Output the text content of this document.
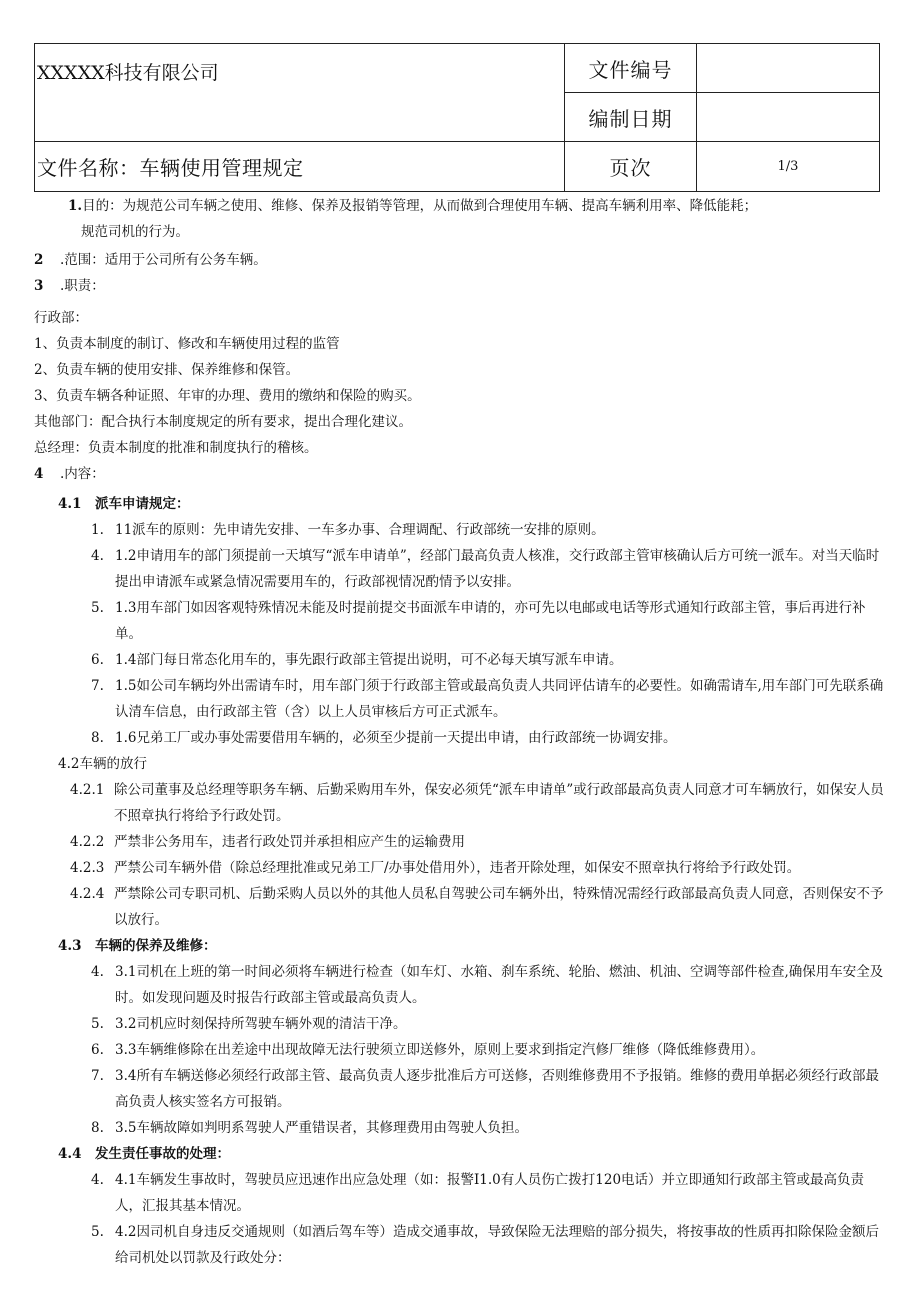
XXXXX科技有限公司	文件编号	
	编制日期	
文件名称：车辆使用管理规定	页次	1/3
1.目的：为规范公司车辆之使用、维修、保养及报销等管理，从而做到合理使用车辆、提高车辆利用率、降低能耗；
规范司机的行为。
2 .范围：适用于公司所有公务车辆。
3 .职责：
行政部：
1、负责本制度的制订、修改和车辆使用过程的监管
2、负责车辆的使用安排、保养维修和保管。
3、负责车辆各种证照、年审的办理、费用的缴纳和保险的购买。
其他部门：配合执行本制度规定的所有要求，提出合理化建议。
总经理：负责本制度的批准和制度执行的稽核。
4 .内容：
4.1 派车申请规定：
1. 11派车的原则：先申请先安排、一车多办事、合理调配、行政部统一安排的原则。
4. 1.2申请用车的部门须提前一天填写“派车申请单”，经部门最高负责人核准，交行政部主管审核确认后方可统一派车。对当天临时提出申请派车或紧急情况需要用车的，行政部视情况酌情予以安排。
5. 1.3用车部门如因客观特殊情况未能及时提前提交书面派车申请的，亦可先以电邮或电话等形式通知行政部主管，事后再进行补单。
6. 1.4部门每日常态化用车的，事先跟行政部主管提出说明，可不必每天填写派车申请。
7. 1.5如公司车辆均外出需请车时，用车部门须于行政部主管或最高负责人共同评估请车的必要性。如确需请车,用车部门可先联系确认清车信息，由行政部主管（含）以上人员审核后方可正式派车。
8. 1.6兄弟工厂或办事处需要借用车辆的，必须至少提前一天提出申请，由行政部统一协调安排。
4.2车辆的放行
4.2.1 除公司董事及总经理等职务车辆、后勤采购用车外，保安必须凭“派车申请单”或行政部最高负责人同意才可车辆放行，如保安人员不照章执行将给予行政处罚。
4.2.2 严禁非公务用车，违者行政处罚并承担相应产生的运输费用
4.2.3 严禁公司车辆外借（除总经理批准或兄弟工厂/办事处借用外），违者开除处理，如保安不照章执行将给予行政处罚。
4.2.4 严禁除公司专职司机、后勤采购人员以外的其他人员私自驾驶公司车辆外出，特殊情况需经行政部最高负责人同意，否则保安不予以放行。
4.3 车辆的保养及维修：
4. 3.1司机在上班的第一时间必须将车辆进行检查（如车灯、水箱、刹车系统、轮胎、燃油、机油、空调等部件检查,确保用车安全及时。如发现问题及时报告行政部主管或最高负责人。
5. 3.2司机应时刻保持所驾驶车辆外观的清洁干净。
6. 3.3车辆维修除在出差途中出现故障无法行驶须立即送修外，原则上要求到指定汽修厂维修（降低维修费用）。
7. 3.4所有车辆送修必须经行政部主管、最高负责人逐步批准后方可送修，否则维修费用不予报销。维修的费用单据必须经行政部最高负责人核实签名方可报销。
8. 3.5车辆故障如判明系驾驶人严重错误者，其修理费用由驾驶人负担。
4.4 发生责任事故的处理：
4. 4.1车辆发生事故时，驾驶员应迅速作出应急处理（如：报警I1.0有人员伤亡拨打120电话）并立即通知行政部主管或最高负责人，汇报其基本情况。
5. 4.2因司机自身违反交通规则（如酒后驾车等）造成交通事故，导致保险无法理赔的部分损失，将按事故的性质再扣除保险金额后给司机处以罚款及行政处分：
